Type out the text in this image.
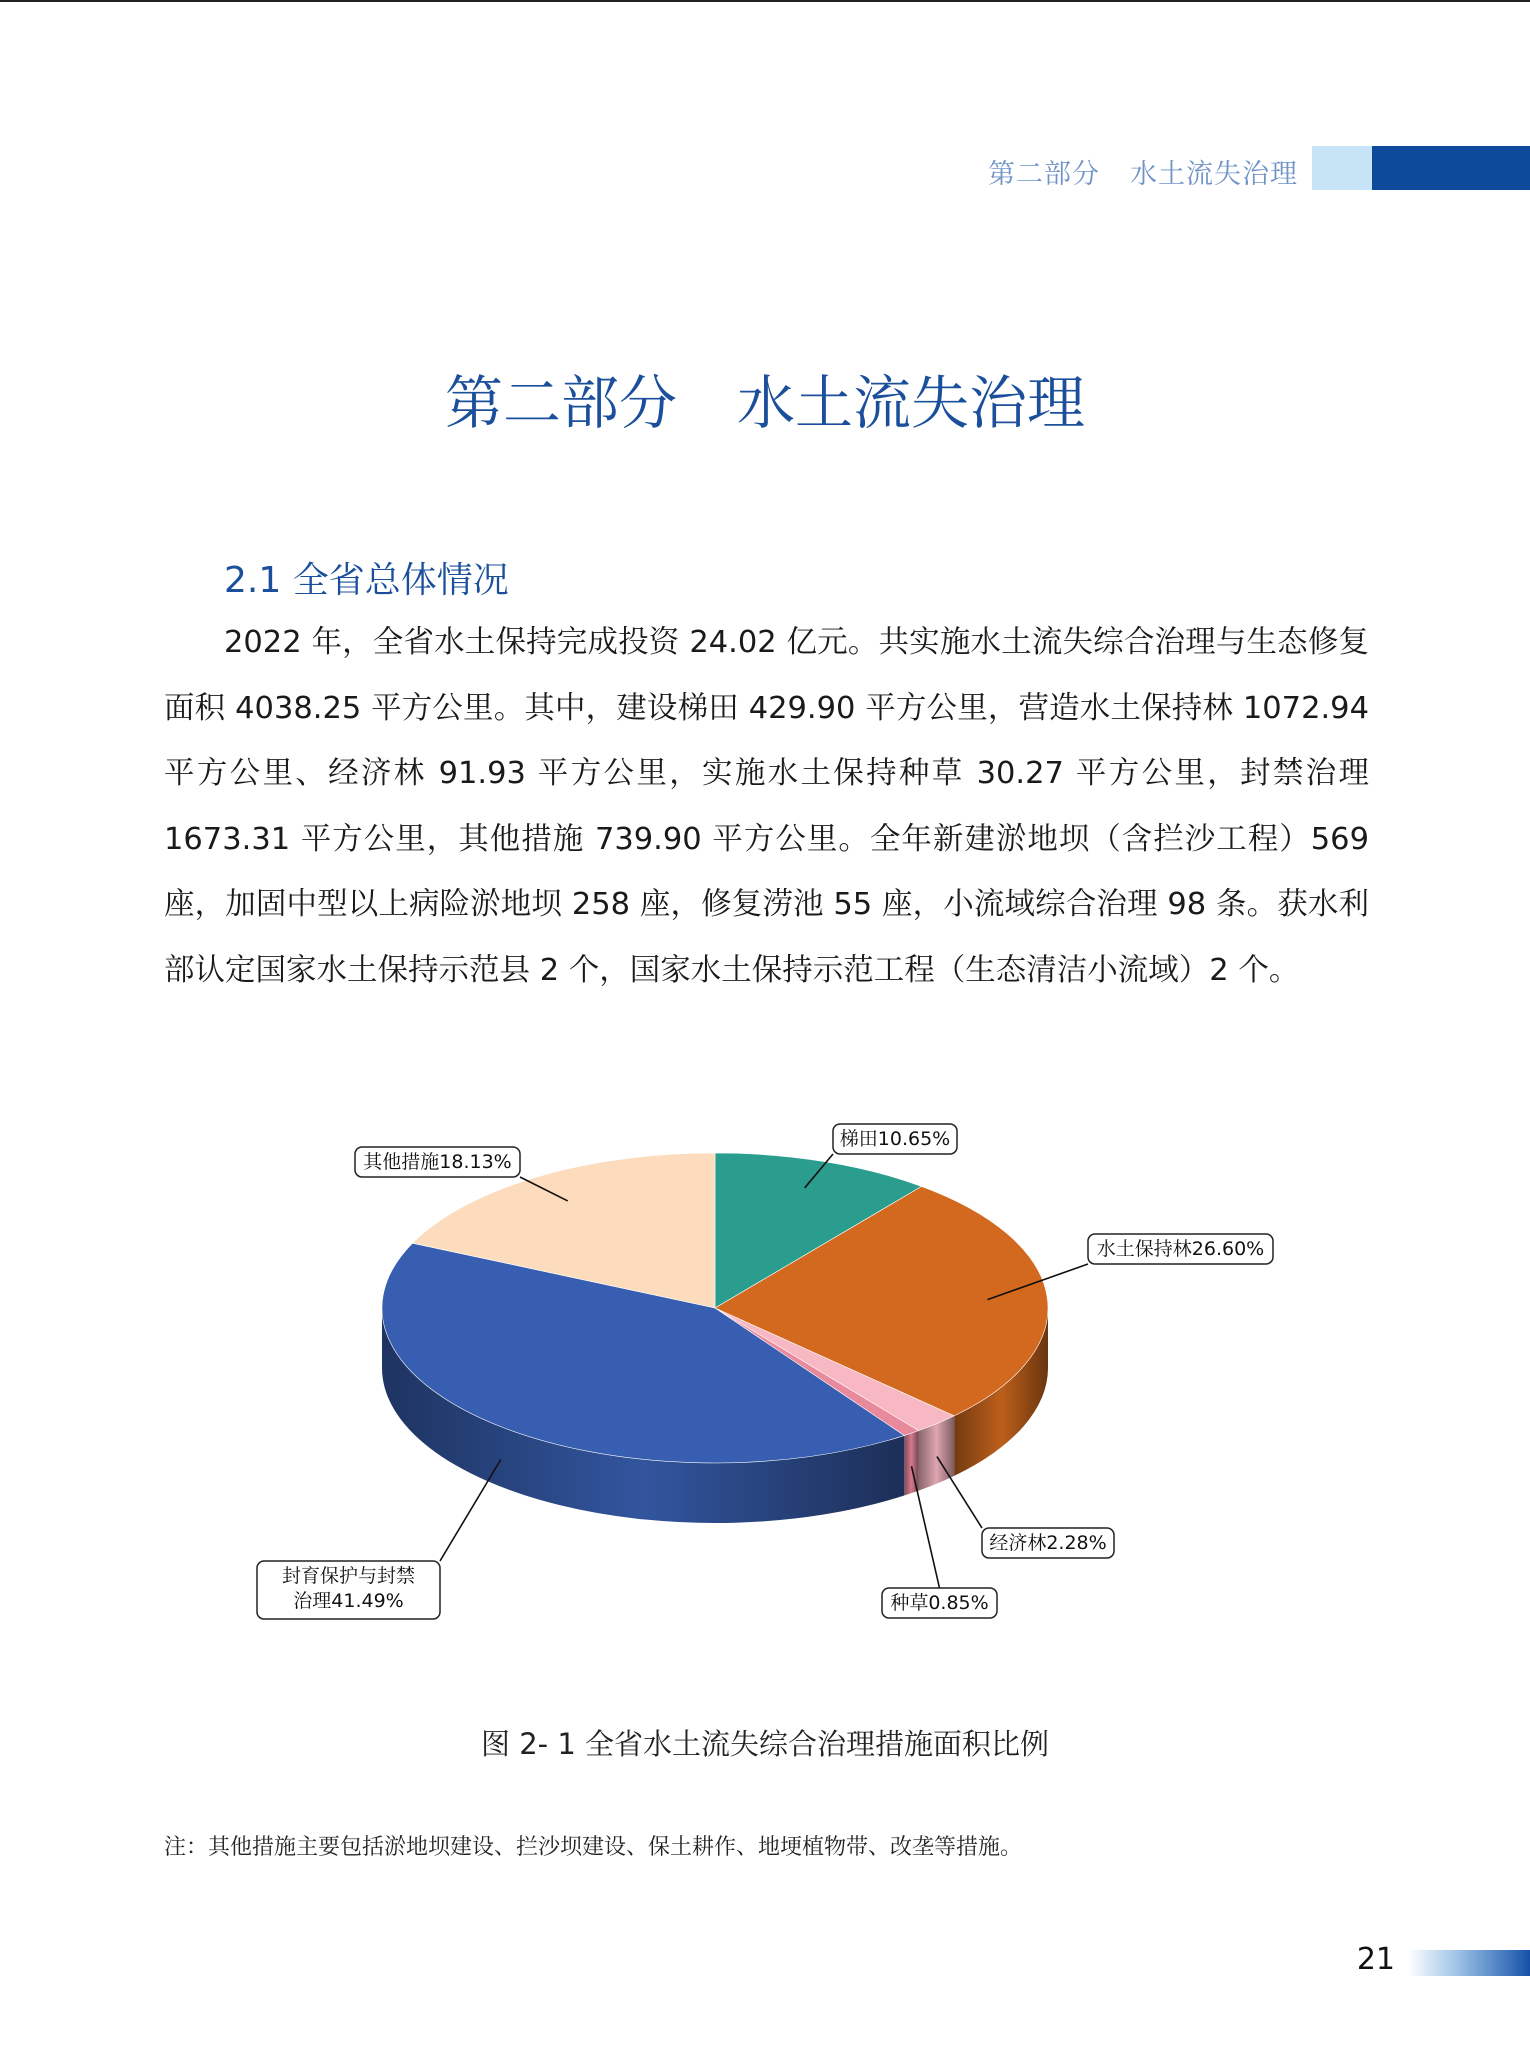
第二部分 水土流失治理
第二部分 水土流失治理
2.1 全省总体情况

2022 年，全省水土保持完成投资 24.02 亿元。共实施水土流失综合治理与生态修复面积 4038.25 平方公里。其中，建设梯田 429.90 平方公里，营造水土保持林 1072.94 平方公里、经济林 91.93 平方公里，实施水土保持种草 30.27 平方公里，封禁治理 1673.31 平方公里，其他措施 739.90 平方公里。全年新建淤地坝（含拦沙工程）569 座，加固中型以上病险淤地坝 258 座，修复涝池 55 座，小流域综合治理 98 条。获水利部认定国家水土保持示范县 2 个，国家水土保持示范工程（生态清洁小流域）2 个。

梯田10.65%
水土保持林26.60%
经济林2.28%
种草0.85%
封育保护与封禁
治理41.49%
其他措施18.13%
图 2- 1 全省水土流失综合治理措施面积比例
注：其他措施主要包括淤地坝建设、拦沙坝建设、保土耕作、地埂植物带、改垄等措施。
21
